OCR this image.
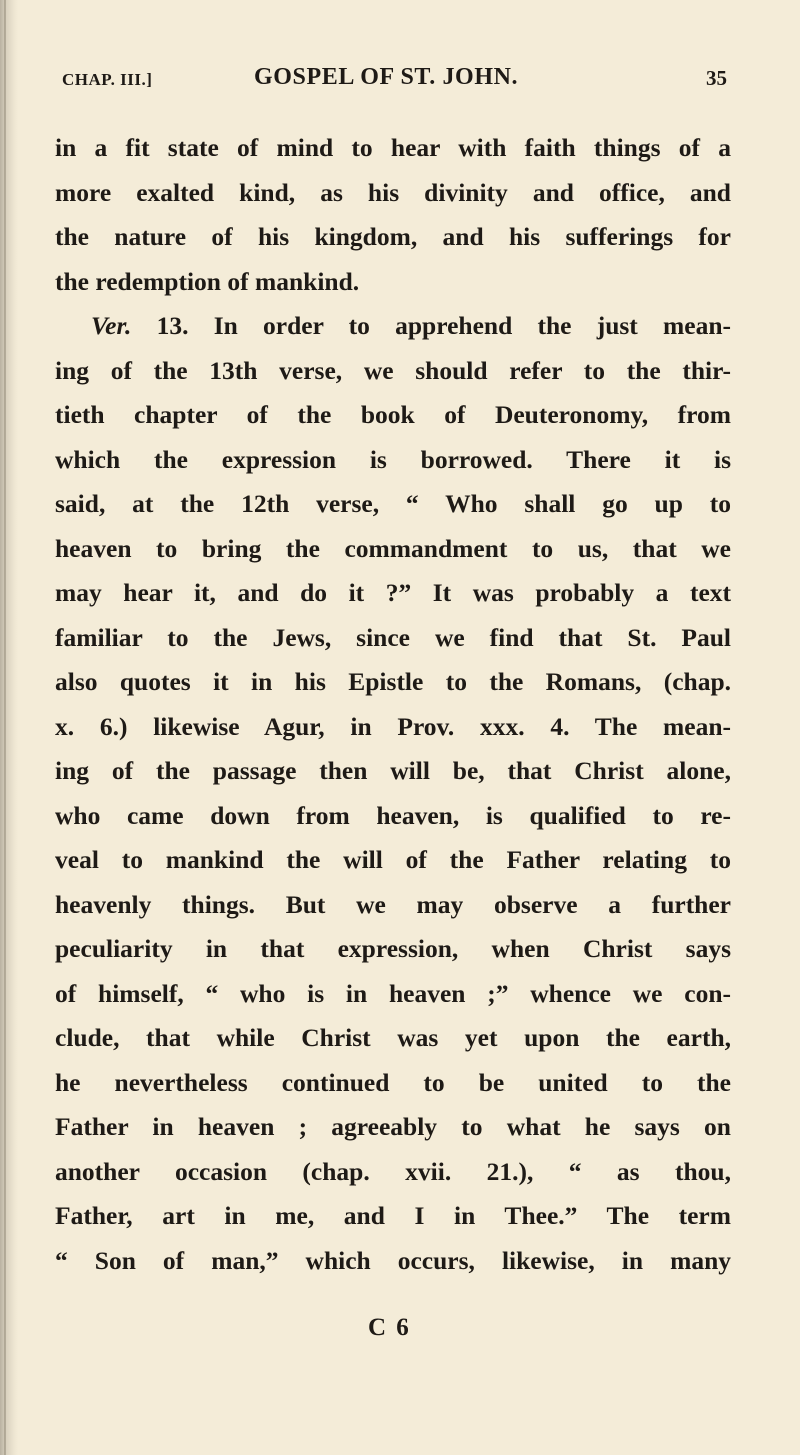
CHAP. III.]	GOSPEL OF ST. JOHN.	35
in a fit state of mind to hear with faith things of a
more exalted kind, as his divinity and office, and
the nature of his kingdom, and his sufferings for
the redemption of mankind.
Ver. 13. In order to apprehend the just mean-
ing of the 13th verse, we should refer to the thir-
tieth chapter of the book of Deuteronomy, from
which the expression is borrowed. There it is
said, at the 12th verse, “ Who shall go up to
heaven to bring the commandment to us, that we
may hear it, and do it ?” It was probably a text
familiar to the Jews, since we find that St. Paul
also quotes it in his Epistle to the Romans, (chap.
x. 6.) likewise Agur, in Prov. xxx. 4. The mean-
ing of the passage then will be, that Christ alone,
who came down from heaven, is qualified to re-
veal to mankind the will of the Father relating to
heavenly things. But we may observe a further
peculiarity in that expression, when Christ says
of himself, “ who is in heaven ;” whence we con-
clude, that while Christ was yet upon the earth,
he nevertheless continued to be united to the
Father in heaven ; agreeably to what he says on
another occasion (chap. xvii. 21.), “ as thou,
Father, art in me, and I in Thee.” The term
“ Son of man,” which occurs, likewise, in many
C 6
